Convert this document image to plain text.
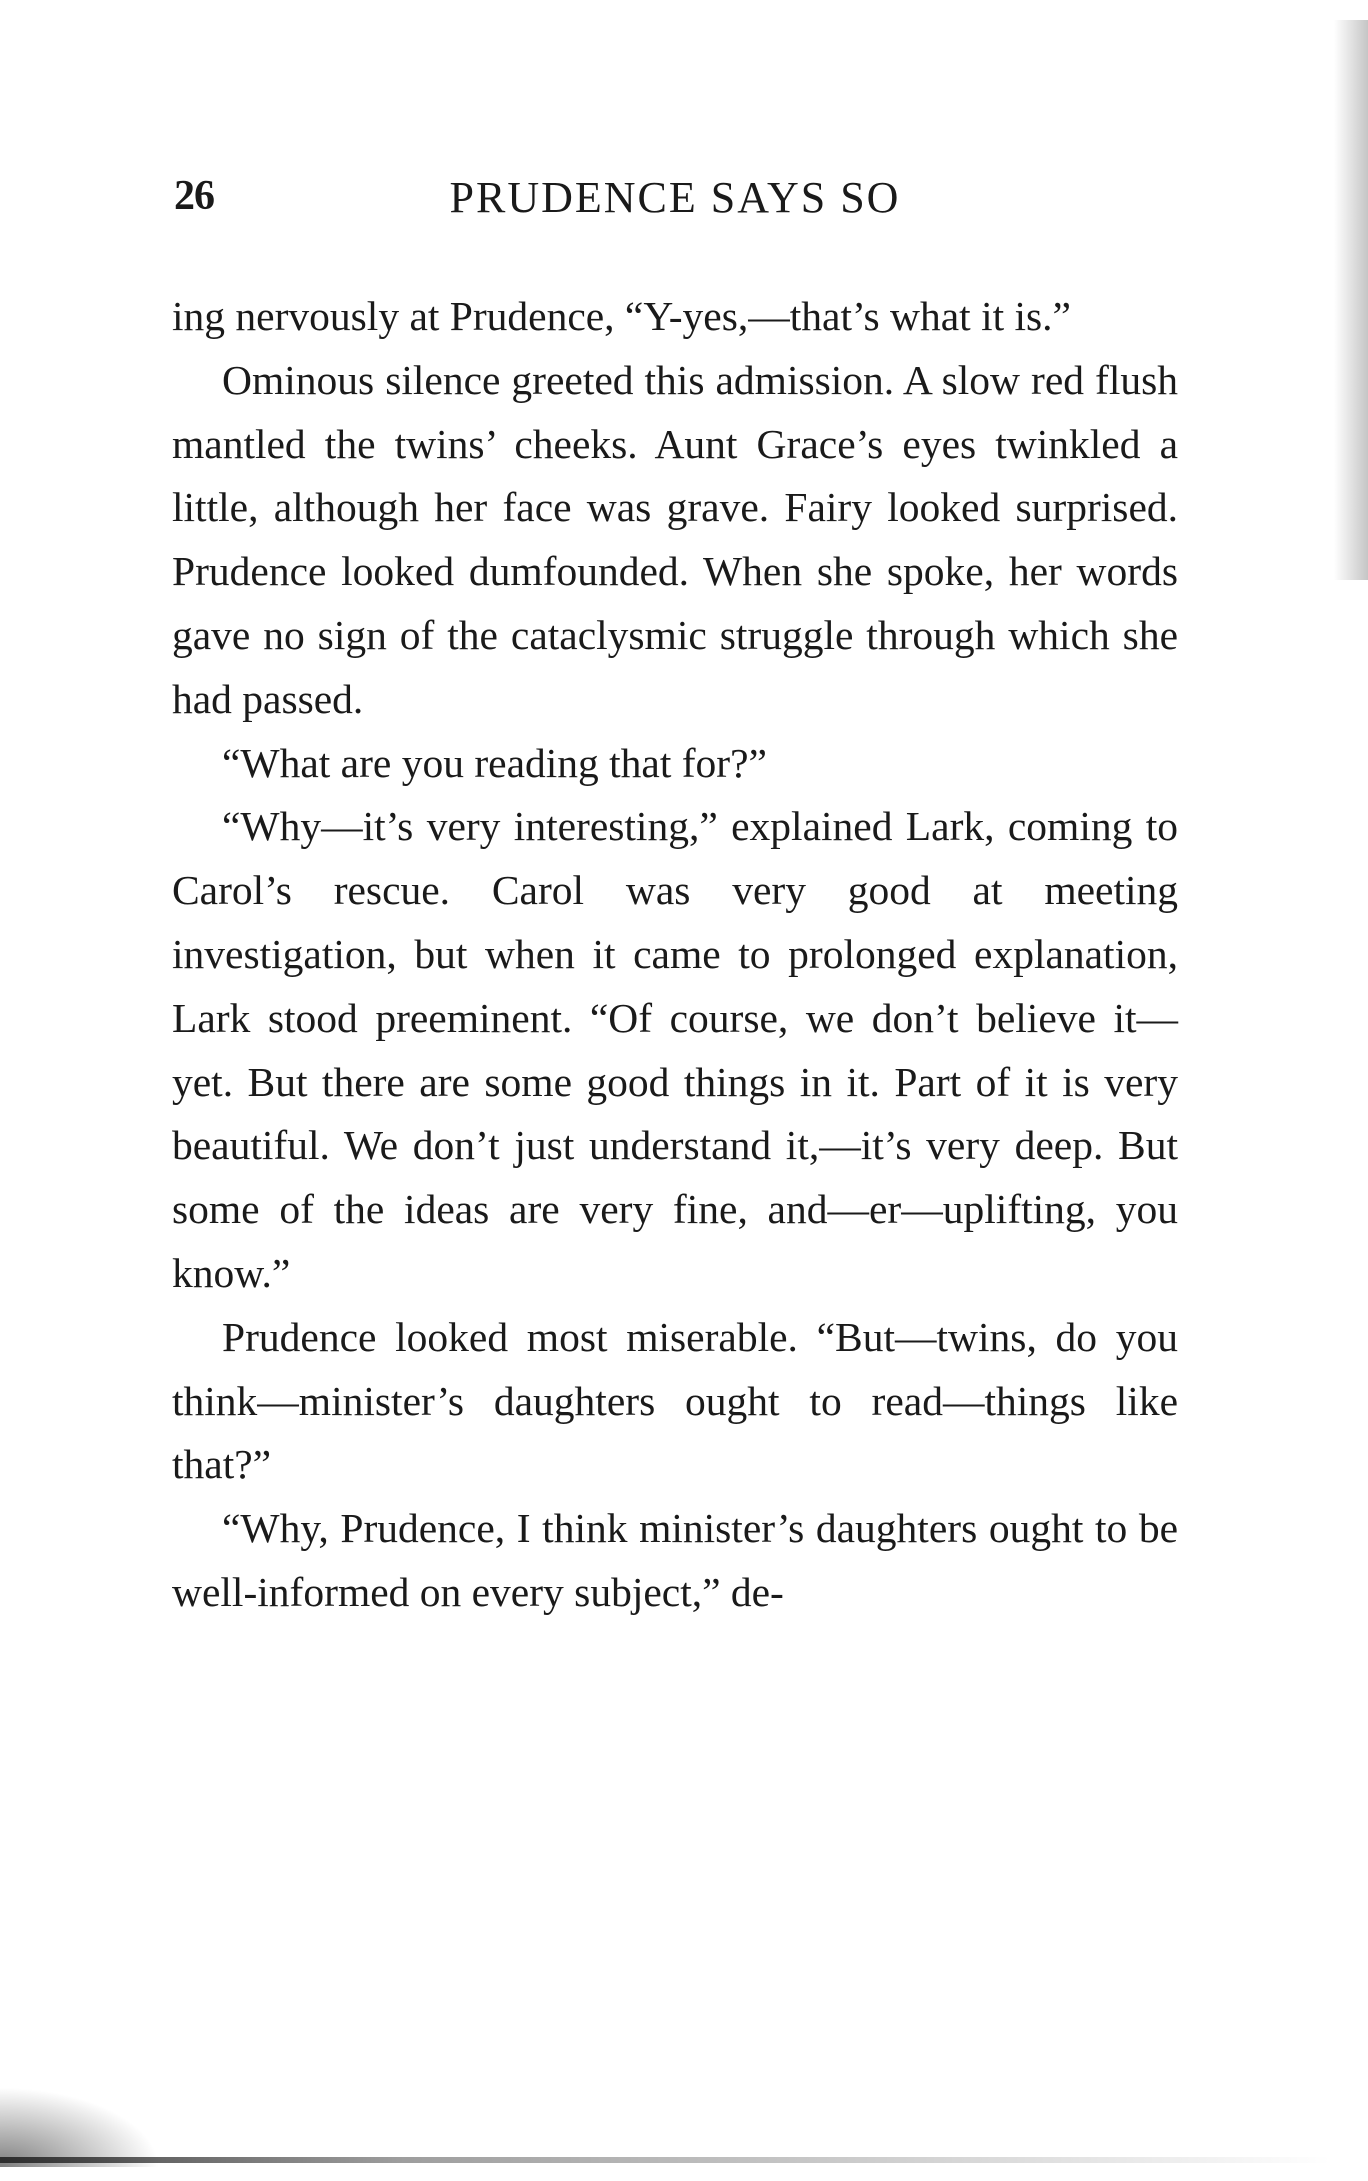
26	PRUDENCE SAYS SO

ing nervously at Prudence, “Y-yes,—that’s what it is.”

Ominous silence greeted this admission. A slow red flush mantled the twins’ cheeks. Aunt Grace’s eyes twinkled a little, although her face was grave. Fairy looked surprised. Prudence looked dumfounded. When she spoke, her words gave no sign of the cataclysmic struggle through which she had passed.

“What are you reading that for?”

“Why—it’s very interesting,” explained Lark, coming to Carol’s rescue. Carol was very good at meeting investigation, but when it came to prolonged explanation, Lark stood preeminent. “Of course, we don’t believe it—yet. But there are some good things in it. Part of it is very beautiful. We don’t just understand it,—it’s very deep. But some of the ideas are very fine, and—er—uplifting, you know.”

Prudence looked most miserable. “But—twins, do you think—minister’s daughters ought to read—things like that?”

“Why, Prudence, I think minister’s daughters ought to be well-informed on every subject,” de-
